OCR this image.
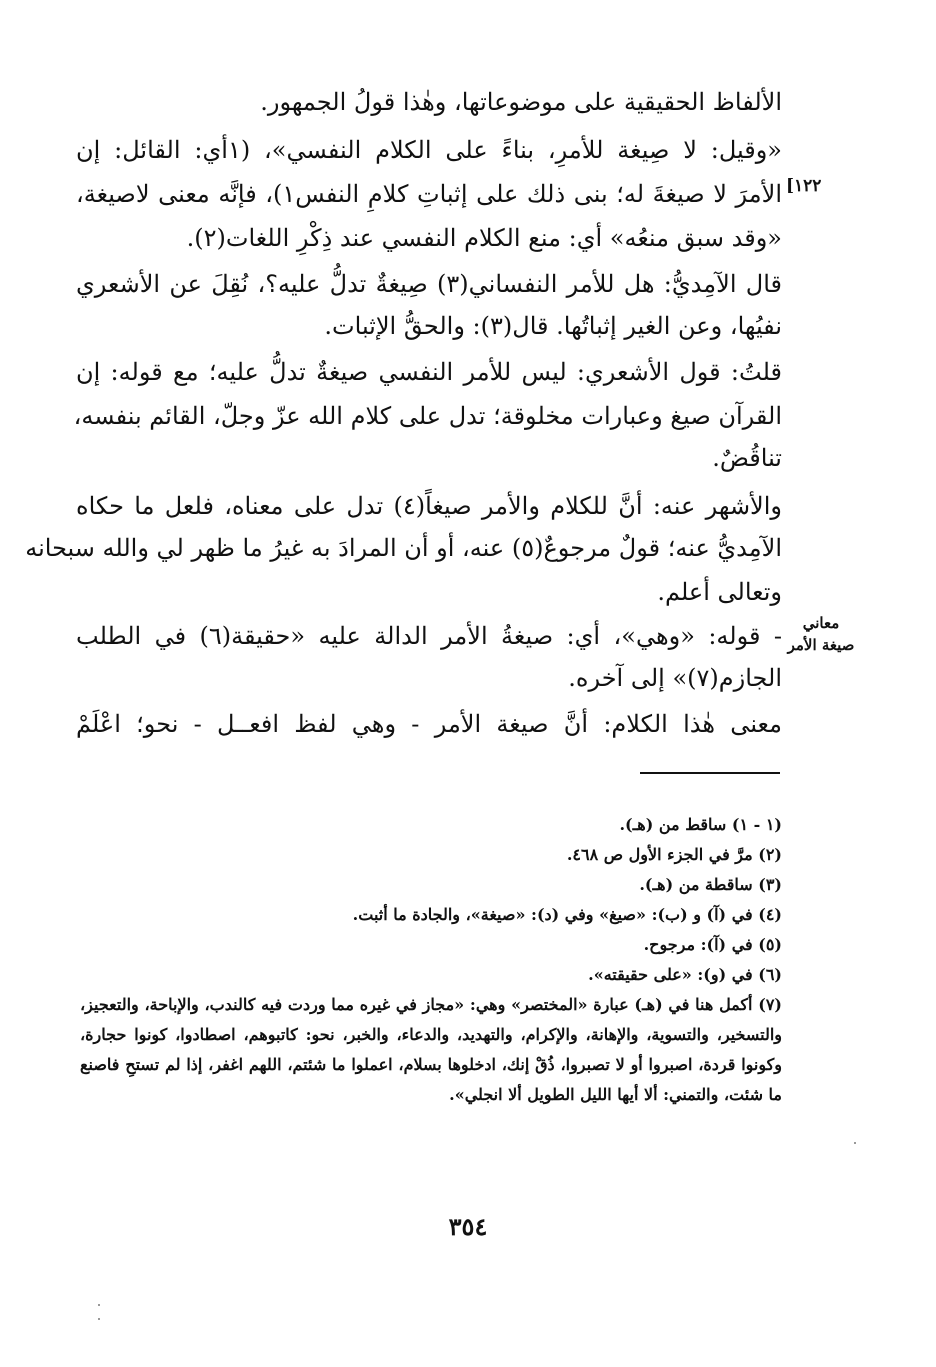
الألفاظ الحقيقية على موضوعاتها، وهٰذا قولُ الجمهور.
«وقيل: لا صِيغة للأمرِ، بناءً على الكلام النفسي»، (١أي: القائل: إن
الأمرَ لا صيغةَ له؛ بنى ذلك على إثباتِ كلامِ النفس١)، فإنَّه معنى لاصيغة،
«وقد سبق منعُه» أي: منع الكلام النفسي عند ذِكْرِ اللغات(٢).
قال الآمِديُّ: هل للأمر النفساني(٣) صِيغةٌ تدلُّ عليه؟، نُقِلَ عن الأشعري
نفيُها، وعن الغير إثباتُها. قال(٣): والحقُّ الإثبات.
قلتُ: قول الأشعري: ليس للأمر النفسي صيغةٌ تدلُّ عليه؛ مع قوله: إن
القرآن صيغ وعبارات مخلوقة؛ تدل على كلام الله عزّ وجلّ، القائم بنفسه،
تناقُضٌ.
والأشهر عنه: أنَّ للكلام والأمر صيغاً(٤) تدل على معناه، فلعل ما حكاه
الآمِديُّ عنه؛ قولٌ مرجوعٌ(٥) عنه، أو أن المرادَ به غيرُ ما ظهر لي والله سبحانه
وتعالى أعلم.
- قوله: «وهي»، أي: صيغةُ الأمر الدالة عليه «حقيقة(٦) في الطلب
الجازم(٧)» إلى آخره.
معنى هٰذا الكلام: أنَّ صيغة الأمر - وهي لفظ افعــل - نحو؛ اعْلَمْ
[١٢٢
معاني
صيغة الأمر

(١ - ١) ساقط من (هـ).

(٢) مرَّ في الجزء الأول ص ٤٦٨.

(٣) ساقطة من (هـ).

(٤) في (آ) و (ب): «صيغ» وفي (د): «صيغة»، والجادة ما أثبت.

(٥) في (آ): مرجوح.

(٦) في (و): «على حقيقته».

(٧) أكمل هنا في (هـ) عبارة «المختصر» وهي: «مجاز في غيره مما وردت فيه كالندب، والإباحة، والتعجيز، والتسخير، والتسوية، والإهانة، والإكرام، والتهديد، والدعاء، والخبر، نحو: كاتبوهم، اصطادوا، كونوا حجارة، وكونوا قردة، اصبروا أو لا تصبروا، ذُقْ إنك، ادخلوها بسلام، اعملوا ما شئتم، اللهم اغفر، إذا لم تستحِ فاصنع ما شئت، والتمني: ألا أيها الليل الطويل ألا انجلي».

٣٥٤
